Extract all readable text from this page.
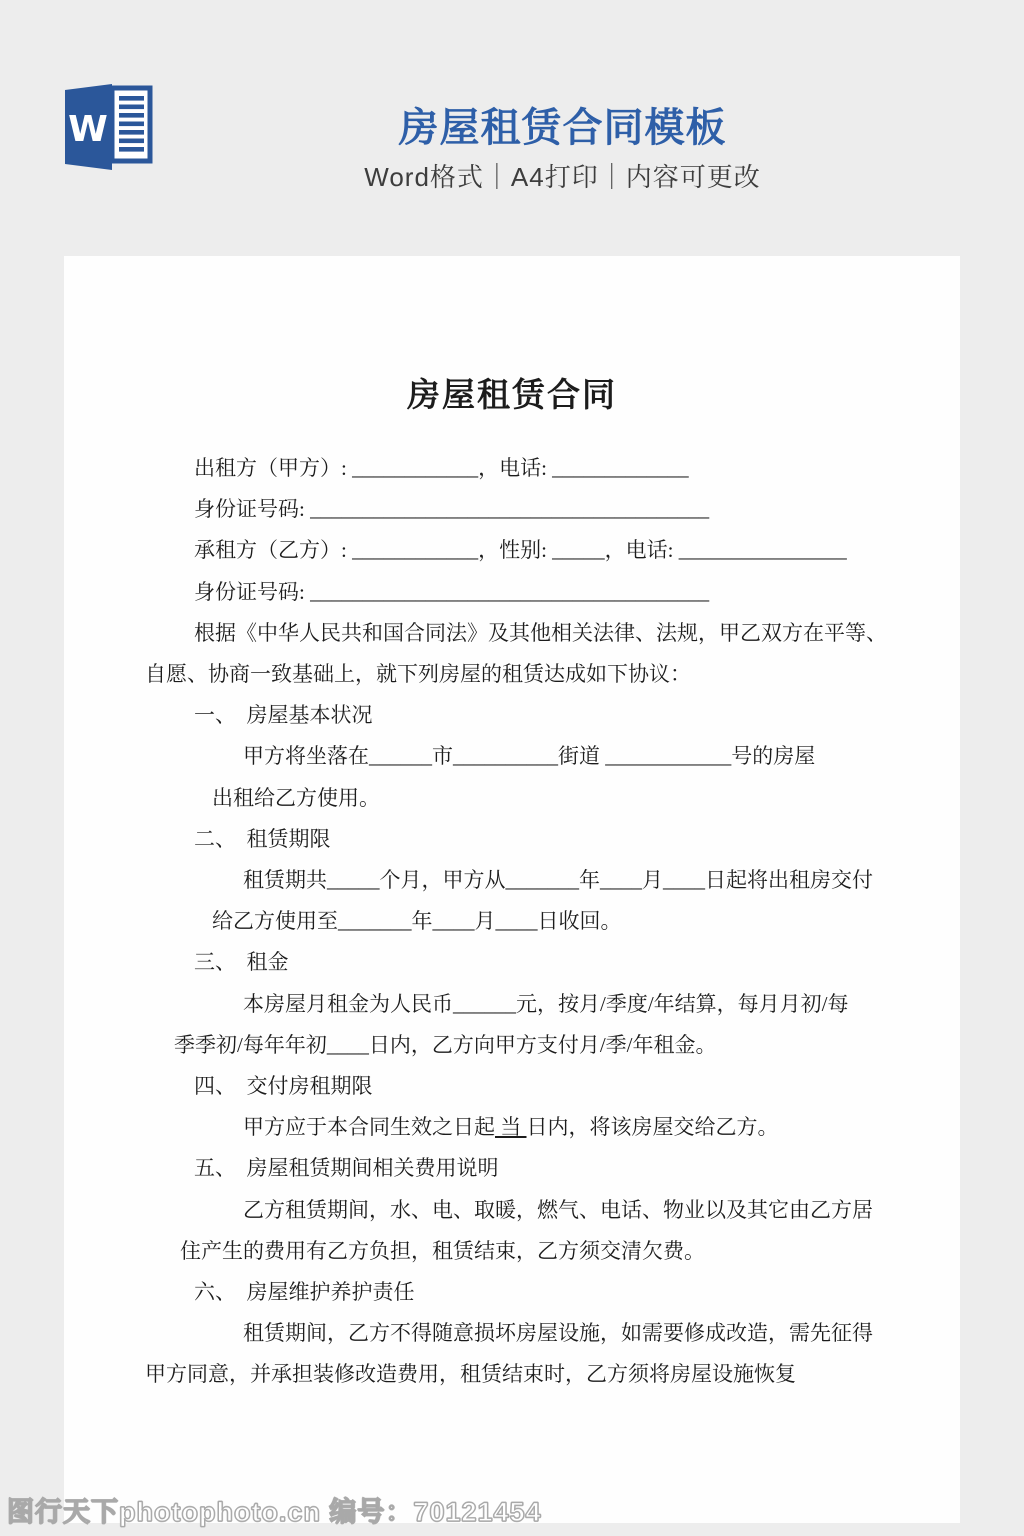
W	房屋租赁合同模板
Word格式｜A4打印｜内容可更改
房屋租赁合同
出租方（甲方）: ____________，电话: _____________
身份证号码: ______________________________________
承租方（乙方）: ____________，性别: _____，电话: ________________
身份证号码: ______________________________________
根据《中华人民共和国合同法》及其他相关法律、法规，甲乙双方在平等、
自愿、协商一致基础上，就下列房屋的租赁达成如下协议：
一、　房屋基本状况
甲方将坐落在______市__________街道 ____________号的房屋
出租给乙方使用。
二、　租赁期限
租赁期共_____个月，甲方从_______年____月____日起将出租房交付
给乙方使用至_______年____月____日收回。
三、　租金
本房屋月租金为人民币______元，按月/季度/年结算，每月月初/每
季季初/每年年初____日内，乙方向甲方支付月/季/年租金。
四、　交付房租期限
甲方应于本合同生效之日起 当 日内，将该房屋交给乙方。
五、　房屋租赁期间相关费用说明
乙方租赁期间，水、电、取暖，燃气、电话、物业以及其它由乙方居
住产生的费用有乙方负担，租赁结束，乙方须交清欠费。
六、　房屋维护养护责任
租赁期间，乙方不得随意损坏房屋设施，如需要修成改造，需先征得
甲方同意，并承担装修改造费用，租赁结束时，乙方须将房屋设施恢复
图行天下photophoto.cn 编号：70121454
